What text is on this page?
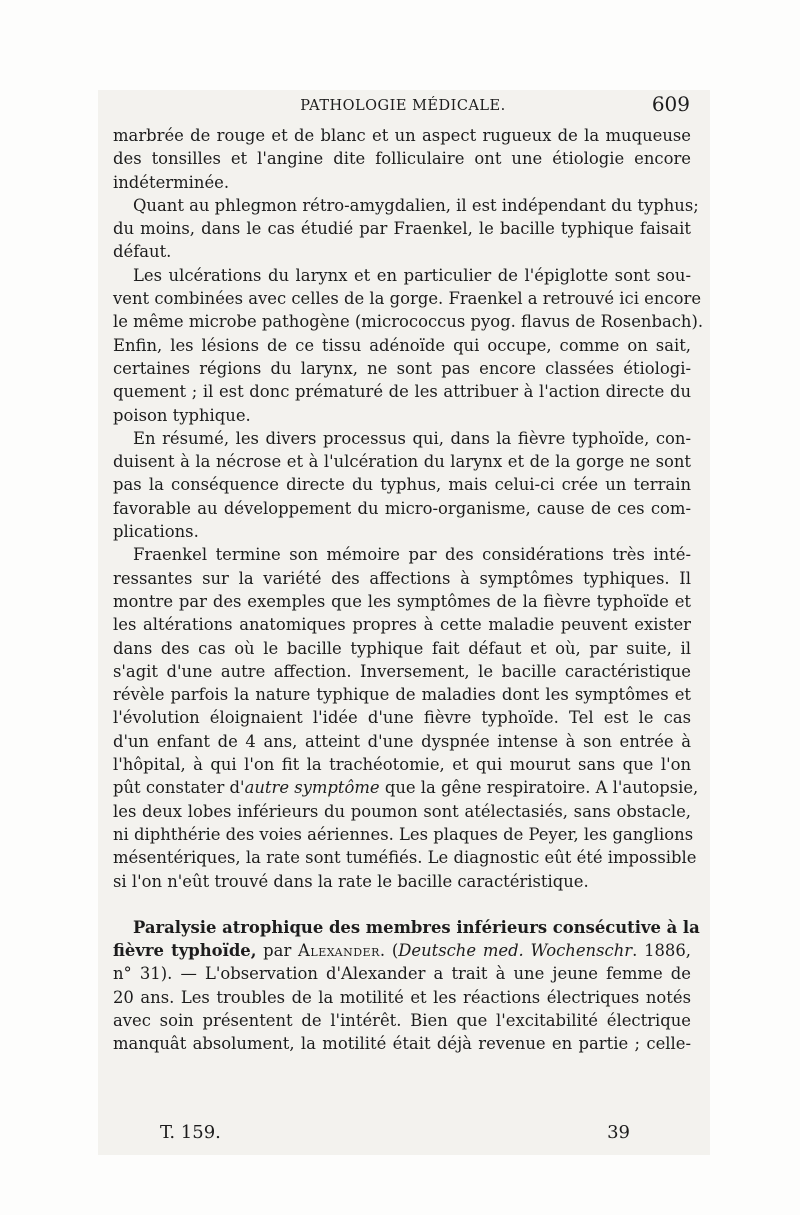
PATHOLOGIE MÉDICALE.	609
marbrée de rouge et de blanc et un aspect rugueux de la muqueuse
des tonsilles et l'angine dite folliculaire ont une étiologie encore
indéterminée.
Quant au phlegmon rétro-amygdalien, il est indépendant du typhus;
du moins, dans le cas étudié par Fraenkel, le bacille typhique faisait
défaut.
Les ulcérations du larynx et en particulier de l'épiglotte sont sou-
vent combinées avec celles de la gorge. Fraenkel a retrouvé ici encore
le même microbe pathogène (micrococcus pyog. flavus de Rosenbach).
Enfin, les lésions de ce tissu adénoïde qui occupe, comme on sait,
certaines régions du larynx, ne sont pas encore classées étiologi-
quement ; il est donc prématuré de les attribuer à l'action directe du
poison typhique.
En résumé, les divers processus qui, dans la fièvre typhoïde, con-
duisent à la nécrose et à l'ulcération du larynx et de la gorge ne sont
pas la conséquence directe du typhus, mais celui-ci crée un terrain
favorable au développement du micro-organisme, cause de ces com-
plications.
Fraenkel termine son mémoire par des considérations très inté-
ressantes sur la variété des affections à symptômes typhiques. Il
montre par des exemples que les symptômes de la fièvre typhoïde et
les altérations anatomiques propres à cette maladie peuvent exister
dans des cas où le bacille typhique fait défaut et où, par suite, il
s'agit d'une autre affection. Inversement, le bacille caractéristique
révèle parfois la nature typhique de maladies dont les symptômes et
l'évolution éloignaient l'idée d'une fièvre typhoïde. Tel est le cas
d'un enfant de 4 ans, atteint d'une dyspnée intense à son entrée à
l'hôpital, à qui l'on fit la trachéotomie, et qui mourut sans que l'on
pût constater d'autre symptôme que la gêne respiratoire. A l'autopsie,
les deux lobes inférieurs du poumon sont atélectasiés, sans obstacle,
ni diphthérie des voies aériennes. Les plaques de Peyer, les ganglions
mésentériques, la rate sont tuméfiés. Le diagnostic eût été impossible
si l'on n'eût trouvé dans la rate le bacille caractéristique.
Paralysie atrophique des membres inférieurs consécutive à la
fièvre typhoïde, par Alexander. (Deutsche med. Wochenschr. 1886,
n° 31). — L'observation d'Alexander a trait à une jeune femme de
20 ans. Les troubles de la motilité et les réactions électriques notés
avec soin présentent de l'intérêt. Bien que l'excitabilité électrique
manquât absolument, la motilité était déjà revenue en partie ; celle-
T. 159.	39
